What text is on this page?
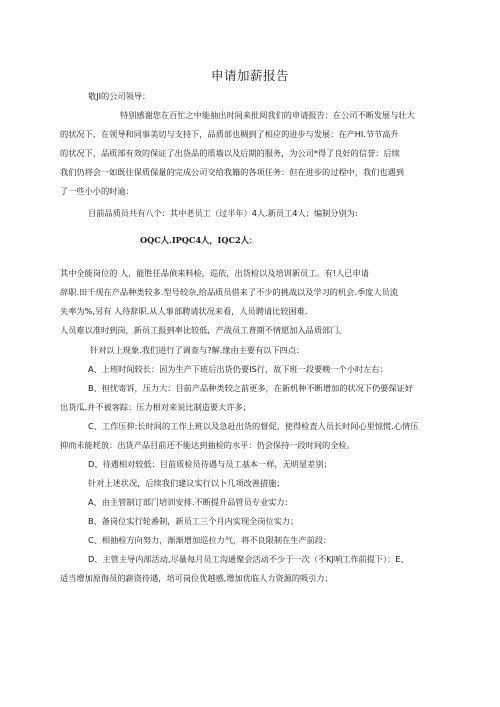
申请加薪报告
敬JI的公司领导：
特别感谢您在百忙之中能抽出时间来批阅我们的申请报告：在公司不断发展与壮大
的状况下，在领导和同事美切与支持下，品质部也稠到了相应的进步与发展：在产HI.节节高升
的状况下，品质部有效的保证了出货品的质墙以及后期的服务，为公司*得了良好的信誉：后续
我们仍将会一如既往保质保量的完成公司交给我籍的各项任务：但在进步的过程中，我们也遇到
了一些小小的时逾：
目前品质员共有八个：其中老员工（过半年）4人.新员工4人；编制分别为:
OQC人.IPQC4人，IQC2人：
其中全能岗位的 人，能胜任品偵来料检，巡依，出货检以及培训新员工。有!人已申请
辞职.田千现在产品种类较多.型号较杂,给品质员借来了不少的挑战以及学习的机会.季度人员流
失率为%,另有 人待辞职.从人事部聘请状况来看，人员聘请比较困难.
人员难以准时到岗，新员工报到率比较低，产战员工普期不情愿加入品质部门。
针对以上现象.我们进行了调查与?解.缘由主要有以下四点：
A、上班时间较长：因为生产下班后出货仍要IS行，故下班一段要晚一个小时左右：
B、担忧寄诉，压力大：目前产品种类较之前更多，在新机种不断增加的状况下仍要保证好
出货瓜.并不被客踪：压力相对来说比制造要大许多；
C、工作压抑:长时间的工作上班以及急赶出货的督促，使得检査人员长时间心里惊慌.心情压
抑而未能耗放：出货产品目前还不能达到抽检的水平：仍会保持一段时间的全检。
D、待遇相对较低：目前质检员待遇与员工基本一样，无明显差别；
针对上述状况，后续我们建议实行以卜几项改善措施；
A、由主管制订部门培训安排.不断提升品管员专业实力：
B、备岗位实行轮番制，新员工三个月内实现全岗位实力；
C、相抽检方向努力，渐渐增加巡拉力气，将不良限制在生产前段：
D、主管主导内部活动,尽量每月员工沟通聚会活动不少于一次（不KJ响工作前提下）：E、
适当增加原侮员的薪资待遇，培可岗位优越感,增加优临人力资源的吸引力；
